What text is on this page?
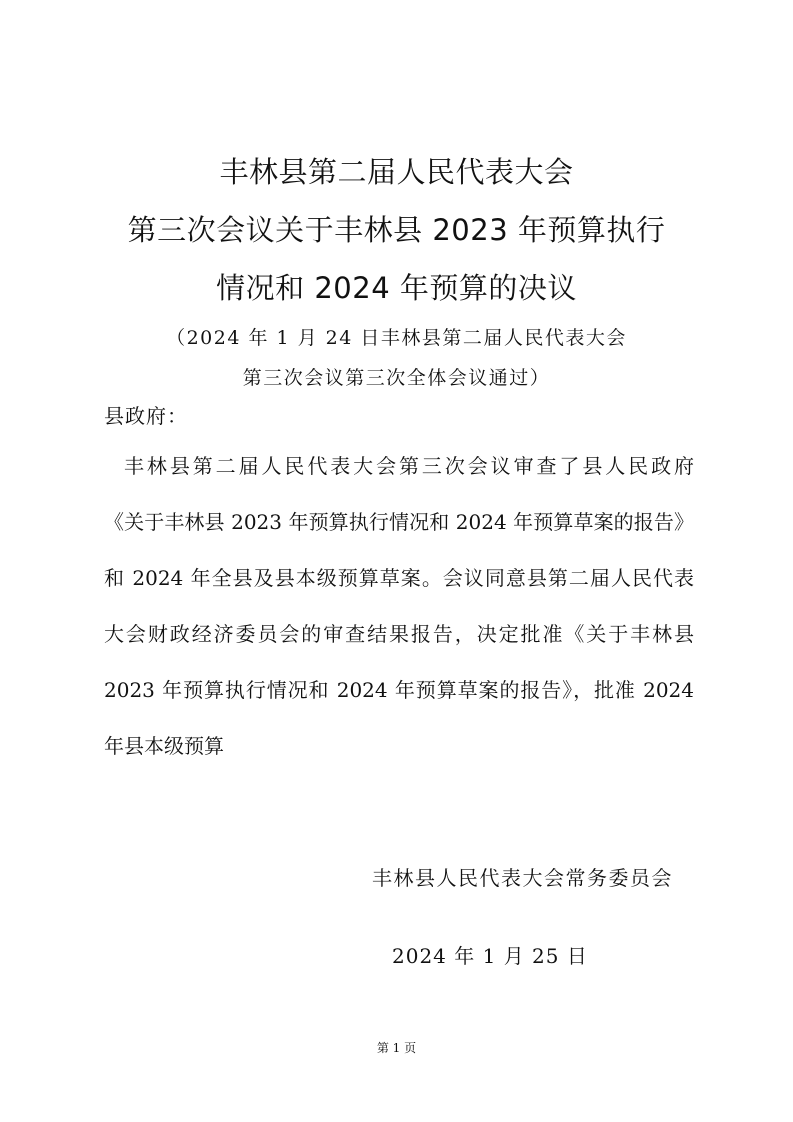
丰林县第二届人民代表大会
第三次会议关于丰林县 2023 年预算执行
情况和 2024 年预算的决议
（2024 年 1 月 24 日丰林县第二届人民代表大会
第三次会议第三次全体会议通过）
县政府：
丰林县第二届人民代表大会第三次会议审查了县人民政府
《关于丰林县 2023 年预算执行情况和 2024 年预算草案的报告》
和 2024 年全县及县本级预算草案。会议同意县第二届人民代表
大会财政经济委员会的审查结果报告，决定批准《关于丰林县
2023 年预算执行情况和 2024 年预算草案的报告》，批准 2024
年县本级预算
丰林县人民代表大会常务委员会
2024 年 1 月 25 日
第 1 页
